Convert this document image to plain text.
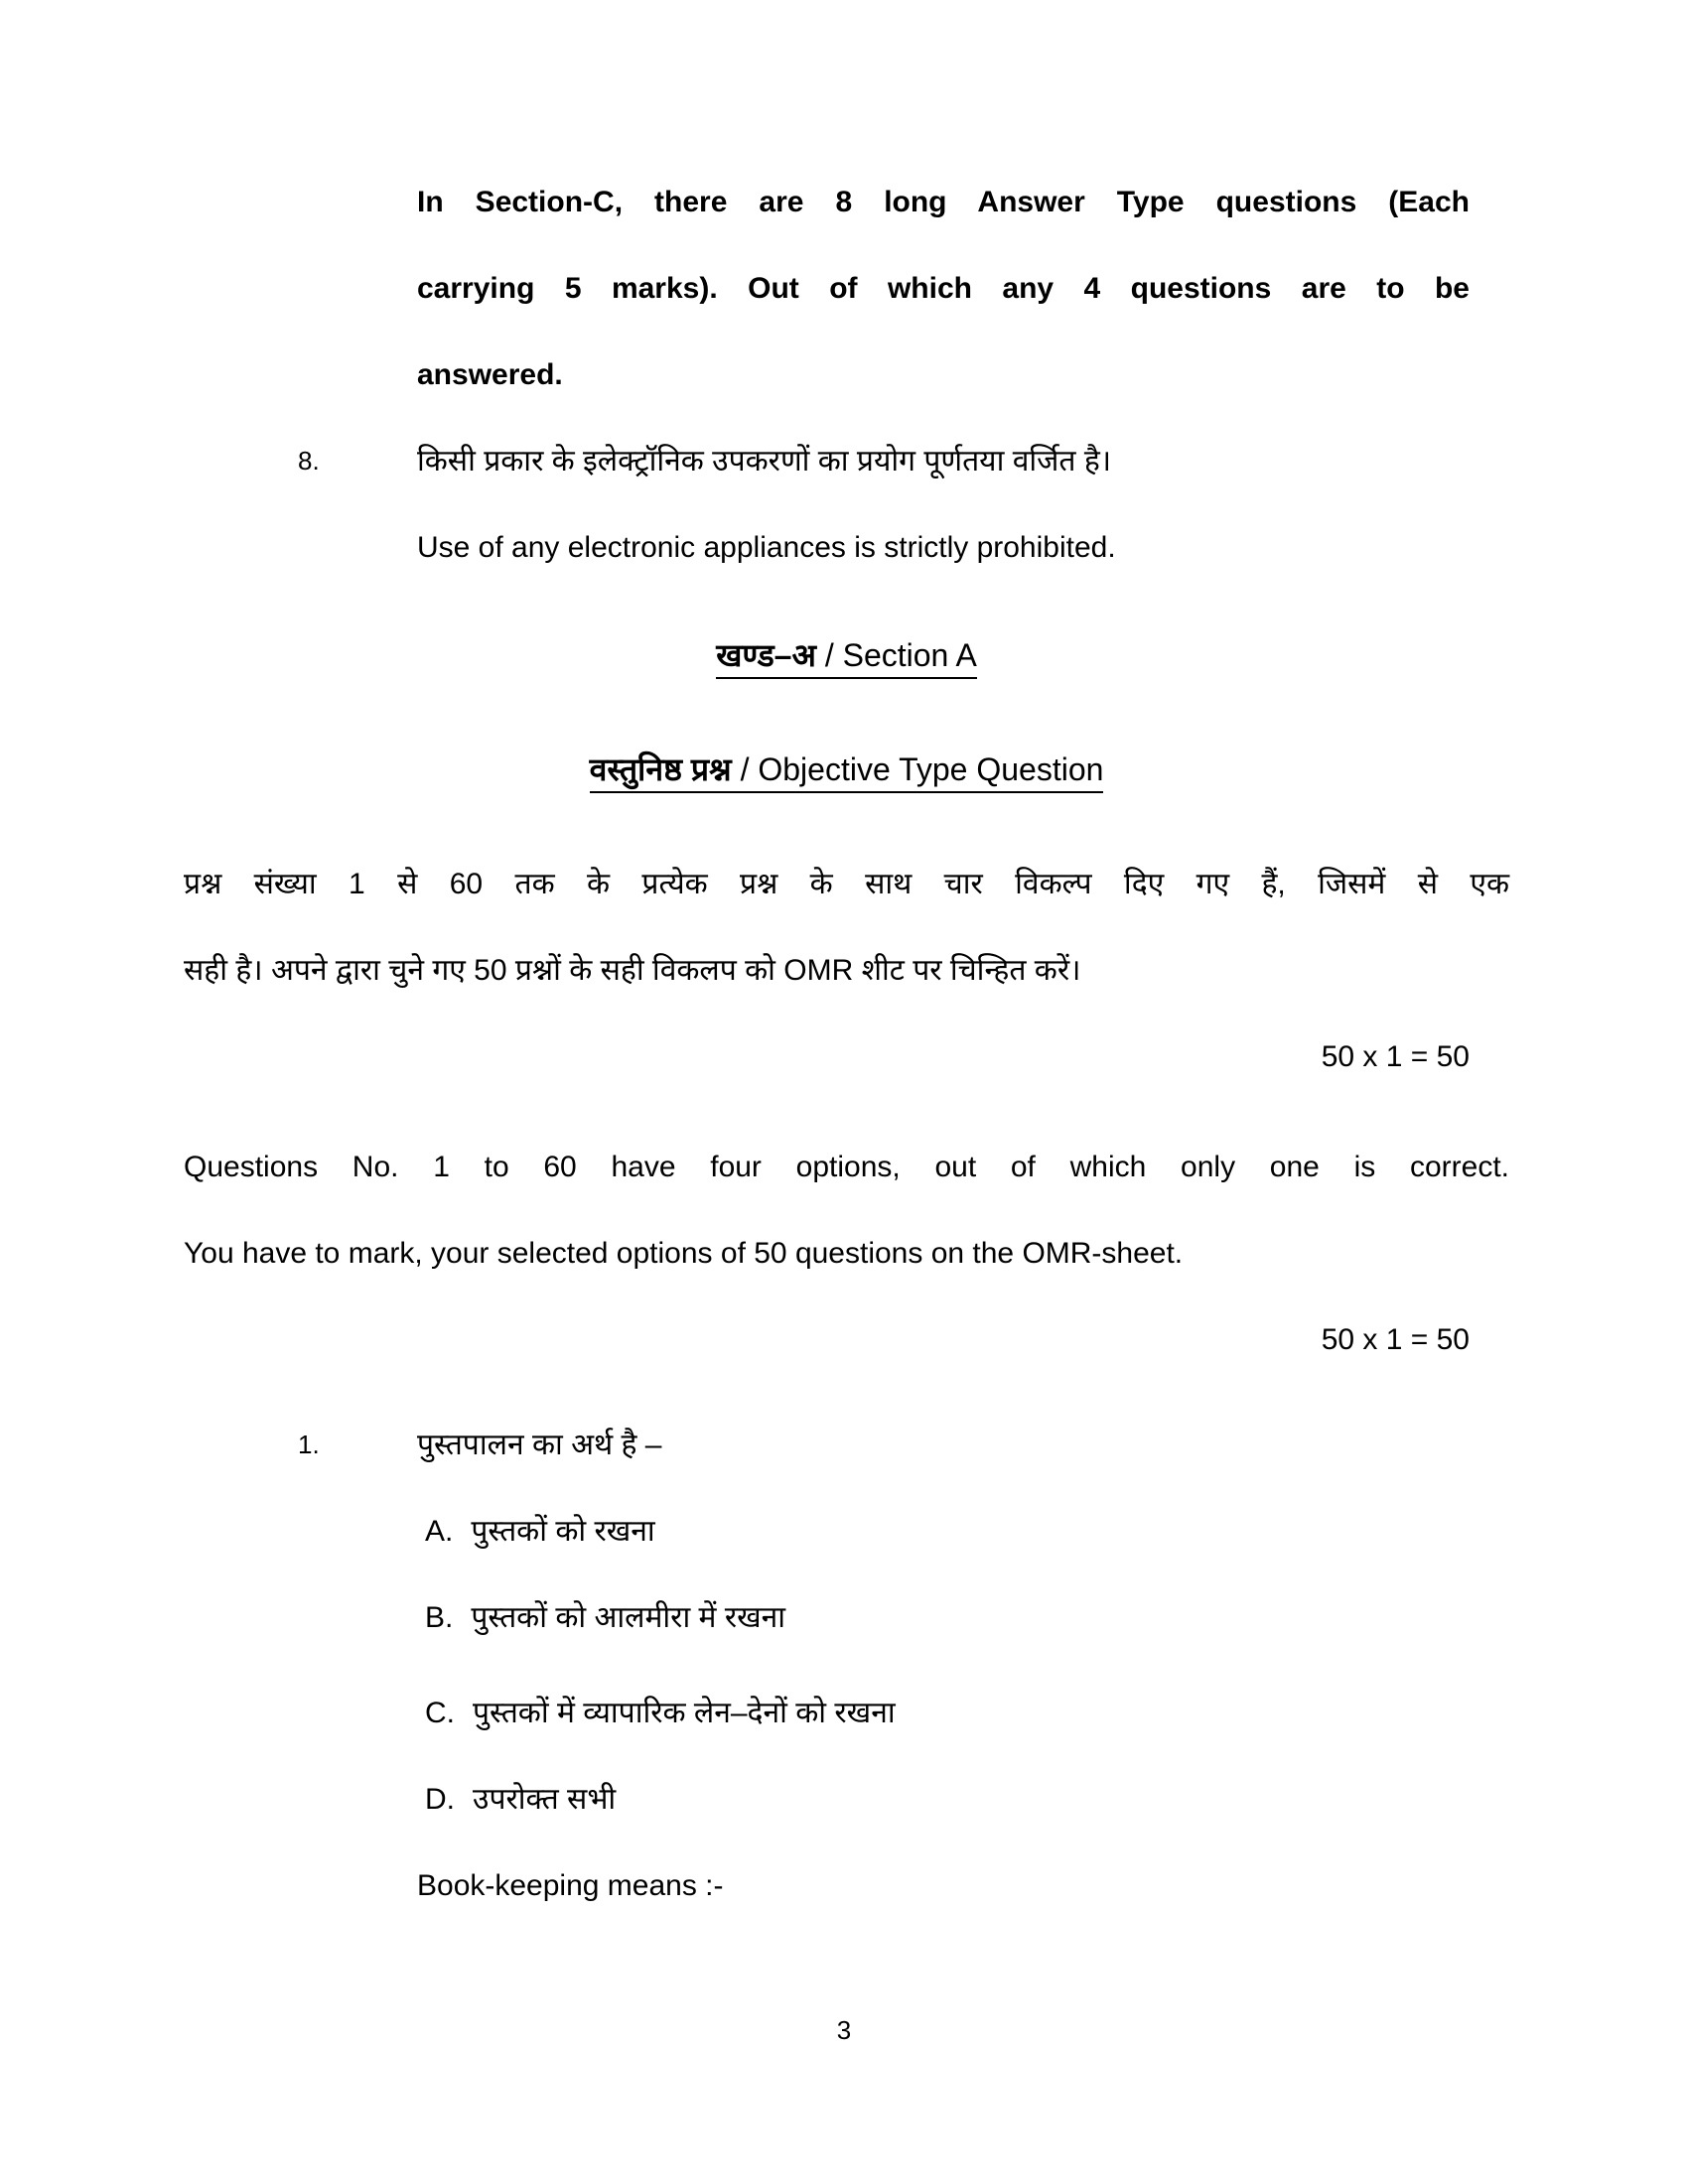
In Section-C, there are 8 long Answer Type questions (Each
carrying 5 marks). Out of which any 4 questions are to be
answered.
8.	किसी प्रकार के इलेक्ट्रॉनिक उपकरणों का प्रयोग पूर्णतया वर्जित है।
Use of any electronic appliances is strictly prohibited.
खण्ड–अ / Section A
वस्तुनिष्ठ प्रश्न / Objective Type Question
प्रश्न संख्या 1 से 60 तक के प्रत्येक प्रश्न के साथ चार विकल्प दिए गए हैं, जिसमें से एक
सही है। अपने द्वारा चुने गए 50 प्रश्नों के सही विकलप को OMR शीट पर चिन्हित करें।
50 x 1 = 50
Questions No. 1 to 60 have four options, out of which only one is correct.
You have to mark, your selected options of 50 questions on the OMR-sheet.
50 x 1 = 50
1.	पुस्तपालन का अर्थ है –
A. पुस्तकों को रखना
B. पुस्तकों को आलमीरा में रखना
C. पुस्तकों में व्यापारिक लेन–देनों को रखना
D. उपरोक्त सभी
Book-keeping means :-
3
